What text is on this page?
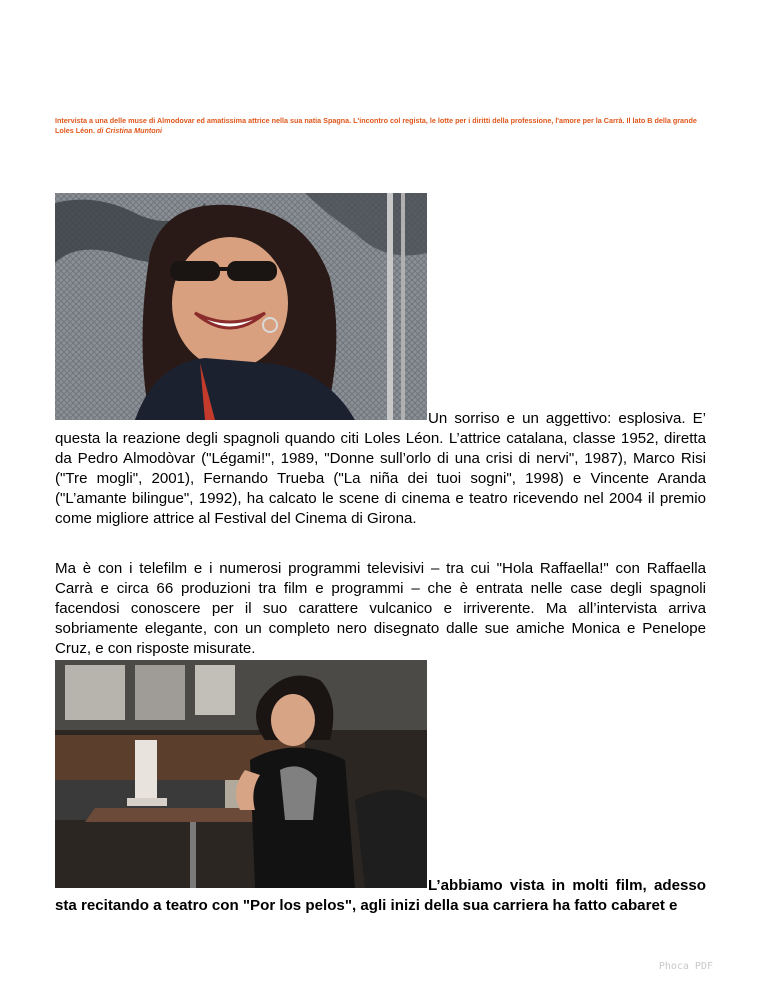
Intervista a una delle muse di Almodovar ed amatissima attrice nella sua natia Spagna. L'incontro col regista, le lotte per i diritti della professione, l'amore per la Carrà. Il lato B della grande Loles Léon. di Cristina Muntoni

Un sorriso e un aggettivo: esplosiva. E’
questa la reazione degli spagnoli quando citi Loles Léon. L’attrice catalana, classe 1952, diretta da Pedro Almodòvar ("Légami!", 1989, "Donne sull’orlo di una crisi di nervi", 1987), Marco Risi ("Tre mogli", 2001), Fernando Trueba ("La niña dei tuoi sogni", 1998) e Vincente Aranda ("L’amante bilingue", 1992), ha calcato le scene di cinema e teatro ricevendo nel 2004 il premio come migliore attrice al Festival del Cinema di Girona.

Ma è con i telefilm e i numerosi programmi televisivi – tra cui "Hola Raffaella!" con Raffaella Carrà e circa 66 produzioni tra film e programmi – che è entrata nelle case degli spagnoli facendosi conoscere per il suo carattere vulcanico e irriverente. Ma all’intervista arriva sobriamente elegante, con un completo nero disegnato dalle sue amiche Monica e Penelope Cruz, e con risposte misurate.

L’abbiamo vista in molti film, adesso
sta recitando a teatro con "Por los pelos", agli inizi della sua carriera ha fatto cabaret e

Phoca PDF
